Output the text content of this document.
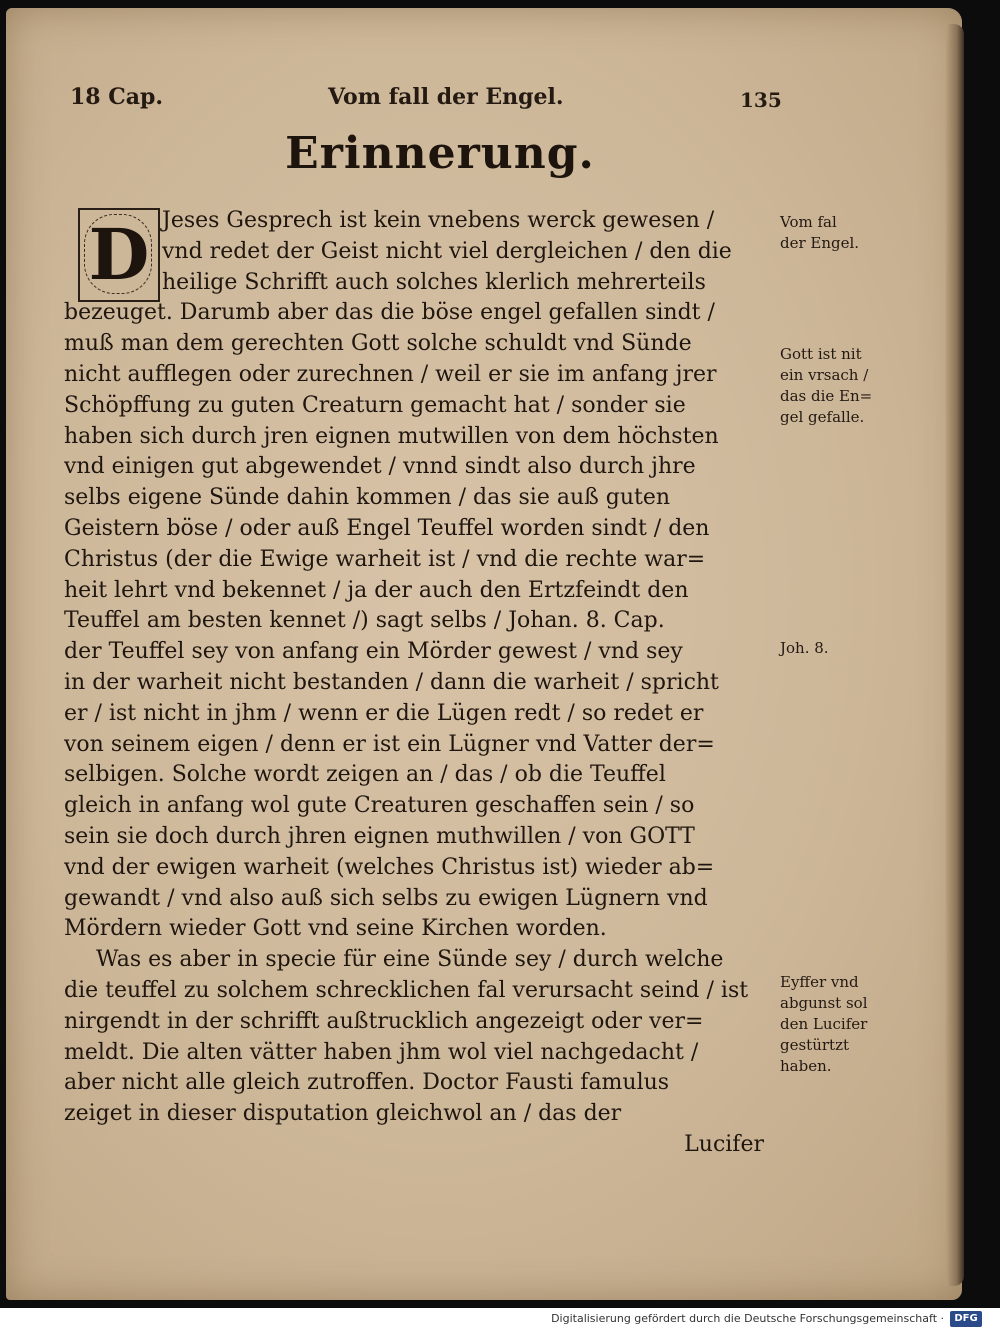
18 Cap.	Vom fall der Engel.	135
Erinnerung.
D Jeses Gesprech ist kein vnebens werck gewesen /
vnd redet der Geist nicht viel dergleichen / den die
heilige Schrifft auch solches klerlich mehrerteils
bezeuget. Darumb aber das die böse engel gefallen sindt /
muß man dem gerechten Gott solche schuldt vnd Sünde
nicht aufflegen oder zurechnen / weil er sie im anfang jrer
Schöpffung zu guten Creaturn gemacht hat / sonder sie
haben sich durch jren eignen mutwillen von dem höchsten
vnd einigen gut abgewendet / vnnd sindt also durch jhre
selbs eigene Sünde dahin kommen / das sie auß guten
Geistern böse / oder auß Engel Teuffel worden sindt / den
Christus (der die Ewige warheit ist / vnd die rechte war=
heit lehrt vnd bekennet / ja der auch den Ertzfeindt den
Teuffel am besten kennet /) sagt selbs / Johan. 8. Cap.
der Teuffel sey von anfang ein Mörder gewest / vnd sey
in der warheit nicht bestanden / dann die warheit / spricht
er / ist nicht in jhm / wenn er die Lügen redt / so redet er
von seinem eigen / denn er ist ein Lügner vnd Vatter der=
selbigen. Solche wordt zeigen an / das / ob die Teuffel
gleich in anfang wol gute Creaturen geschaffen sein / so
sein sie doch durch jhren eignen muthwillen / von GOTT
vnd der ewigen warheit (welches Christus ist) wieder ab=
gewandt / vnd also auß sich selbs zu ewigen Lügnern vnd
Mördern wieder Gott vnd seine Kirchen worden.
Was es aber in specie für eine Sünde sey / durch welche
die teuffel zu solchem schrecklichen fal verursacht seind / ist
nirgendt in der schrifft außtrucklich angezeigt oder ver=
meldt. Die alten vätter haben jhm wol viel nachgedacht /
aber nicht alle gleich zutroffen. Doctor Fausti famulus
zeiget in dieser disputation gleichwol an / das der
Lucifer
Vom fal
der Engel.
Gott ist nit
ein vrsach /
das die En=
gel gefalle.
Joh. 8.
Eyffer vnd
abgunst sol
den Lucifer
gestürtzt
haben.
Digitalisierung gefördert durch die Deutsche Forschungsgemeinschaft ·	DFG
